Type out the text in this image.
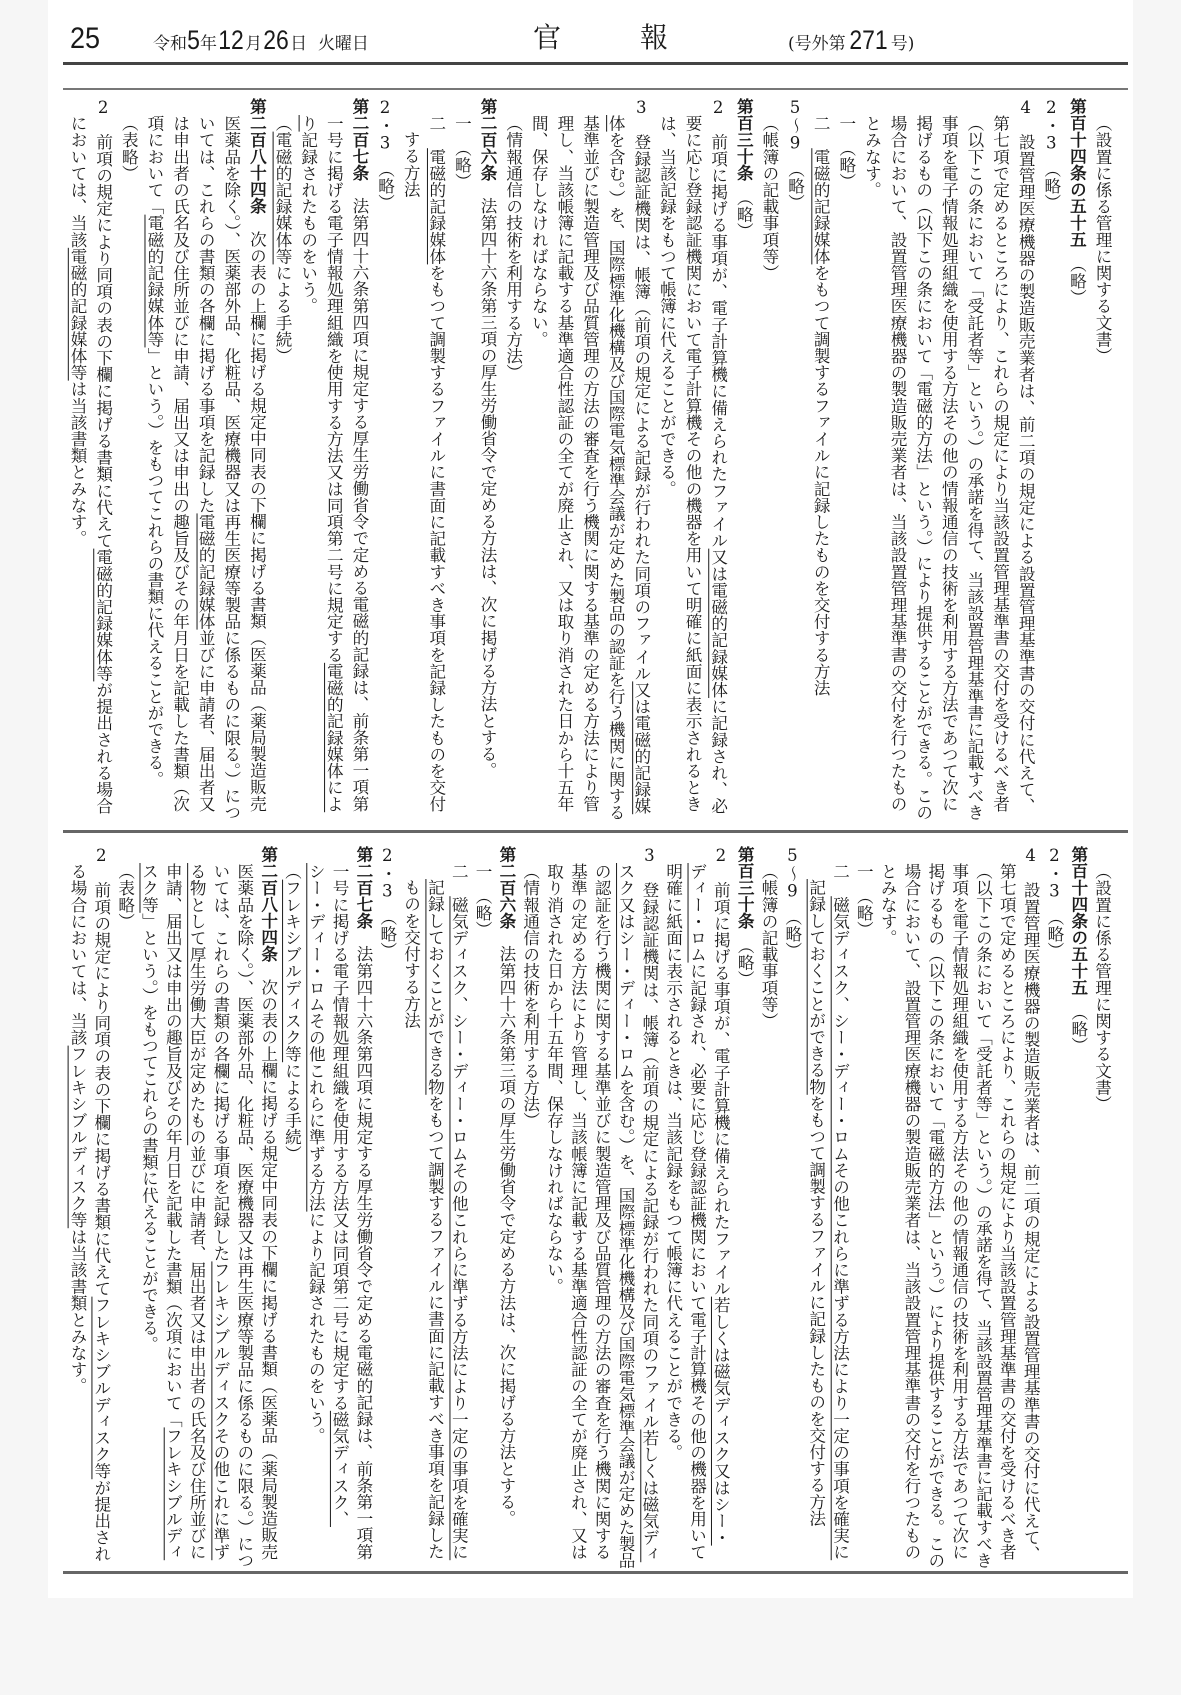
25	令和5年12月26日 火曜日	官	報	(号外第 271 号)
（設置に係る管理に関する文書）
第百十四条の五十五　（略）
2・3　（略）
4　設置管理医療機器の製造販売業者は、前二項の規定による設置管理基準書の交付に代えて、
第七項で定めるところにより、これらの規定により当該設置管理基準書の交付を受けるべき者
（以下この条において「受託者等」という。）の承諾を得て、当該設置管理基準書に記載すべき
事項を電子情報処理組織を使用する方法その他の情報通信の技術を利用する方法であつて次に
掲げるもの（以下この条において「電磁的方法」という。）により提供することができる。この
場合において、設置管理医療機器の製造販売業者は、当該設置管理基準書の交付を行つたもの
とみなす。
一　（略）
二　電磁的記録媒体をもつて調製するファイルに記録したものを交付する方法
5～9　（略）
（帳簿の記載事項等）
第百三十条　（略）
2　前項に掲げる事項が、電子計算機に備えられたファイル又は電磁的記録媒体に記録され、必
要に応じ登録認証機関において電子計算機その他の機器を用いて明確に紙面に表示されるとき
は、当該記録をもつて帳簿に代えることができる。
3　登録認証機関は、帳簿（前項の規定による記録が行われた同項のファイル又は電磁的記録媒
体を含む。）を、国際標準化機構及び国際電気標準会議が定めた製品の認証を行う機関に関する
基準並びに製造管理及び品質管理の方法の審査を行う機関に関する基準の定める方法により管
理し、当該帳簿に記載する基準適合性認証の全てが廃止され、又は取り消された日から十五年
間、保存しなければならない。
（情報通信の技術を利用する方法）
第二百六条　法第四十六条第三項の厚生労働省令で定める方法は、次に掲げる方法とする。
一　（略）
二　電磁的記録媒体をもつて調製するファイルに書面に記載すべき事項を記録したものを交付
する方法
2・3　（略）
第二百七条　法第四十六条第四項に規定する厚生労働省令で定める電磁的記録は、前条第一項第
一号に掲げる電子情報処理組織を使用する方法又は同項第二号に規定する電磁的記録媒体によ
り記録されたものをいう。
（電磁的記録媒体等による手続）
第二百八十四条　次の表の上欄に掲げる規定中同表の下欄に掲げる書類（医薬品（薬局製造販売
医薬品を除く。）、医薬部外品、化粧品、医療機器又は再生医療等製品に係るものに限る。）につ
いては、これらの書類の各欄に掲げる事項を記録した電磁的記録媒体並びに申請者、届出者又
は申出者の氏名及び住所並びに申請、届出又は申出の趣旨及びその年月日を記載した書類（次
項において「電磁的記録媒体等」という。）をもつてこれらの書類に代えることができる。
（表略）
2　前項の規定により同項の表の下欄に掲げる書類に代えて電磁的記録媒体等が提出される場合
においては、当該電磁的記録媒体等は当該書類とみなす。
（設置に係る管理に関する文書）
第百十四条の五十五　（略）
2・3　（略）
4　設置管理医療機器の製造販売業者は、前二項の規定による設置管理基準書の交付に代えて、
第七項で定めるところにより、これらの規定により当該設置管理基準書の交付を受けるべき者
（以下この条において「受託者等」という。）の承諾を得て、当該設置管理基準書に記載すべき
事項を電子情報処理組織を使用する方法その他の情報通信の技術を利用する方法であつて次に
掲げるもの（以下この条において「電磁的方法」という。）により提供することができる。この
場合において、設置管理医療機器の製造販売業者は、当該設置管理基準書の交付を行つたもの
とみなす。
一　（略）
二　磁気ディスク、シー・ディー・ロムその他これらに準ずる方法により一定の事項を確実に
記録しておくことができる物をもつて調製するファイルに記録したものを交付する方法
5～9　（略）
（帳簿の記載事項等）
第百三十条　（略）
2　前項に掲げる事項が、電子計算機に備えられたファイル若しくは磁気ディスク又はシー・
ディー・ロムに記録され、必要に応じ登録認証機関において電子計算機その他の機器を用いて
明確に紙面に表示されるときは、当該記録をもつて帳簿に代えることができる。
3　登録認証機関は、帳簿（前項の規定による記録が行われた同項のファイル若しくは磁気ディ
スク又はシー・ディー・ロムを含む。）を、国際標準化機構及び国際電気標準会議が定めた製品
の認証を行う機関に関する基準並びに製造管理及び品質管理の方法の審査を行う機関に関する
基準の定める方法により管理し、当該帳簿に記載する基準適合性認証の全てが廃止され、又は
取り消された日から十五年間、保存しなければならない。
（情報通信の技術を利用する方法）
第二百六条　法第四十六条第三項の厚生労働省令で定める方法は、次に掲げる方法とする。
一　（略）
二　磁気ディスク、シー・ディー・ロムその他これらに準ずる方法により一定の事項を確実に
記録しておくことができる物をもつて調製するファイルに書面に記載すべき事項を記録した
ものを交付する方法
2・3　（略）
第二百七条　法第四十六条第四項に規定する厚生労働省令で定める電磁的記録は、前条第一項第
一号に掲げる電子情報処理組織を使用する方法又は同項第二号に規定する磁気ディスク、
シー・ディー・ロムその他これらに準ずる方法により記録されたものをいう。
（フレキシブルディスク等による手続）
第二百八十四条　次の表の上欄に掲げる規定中同表の下欄に掲げる書類（医薬品（薬局製造販売
医薬品を除く。）、医薬部外品、化粧品、医療機器又は再生医療等製品に係るものに限る。）につ
いては、これらの書類の各欄に掲げる事項を記録したフレキシブルディスクその他これに準ず
る物として厚生労働大臣が定めたもの並びに申請者、届出者又は申出者の氏名及び住所並びに
申請、届出又は申出の趣旨及びその年月日を記載した書類（次項において「フレキシブルディ
スク等」という。）をもつてこれらの書類に代えることができる。
（表略）
2　前項の規定により同項の表の下欄に掲げる書類に代えてフレキシブルディスク等が提出され
る場合においては、当該フレキシブルディスク等は当該書類とみなす。
